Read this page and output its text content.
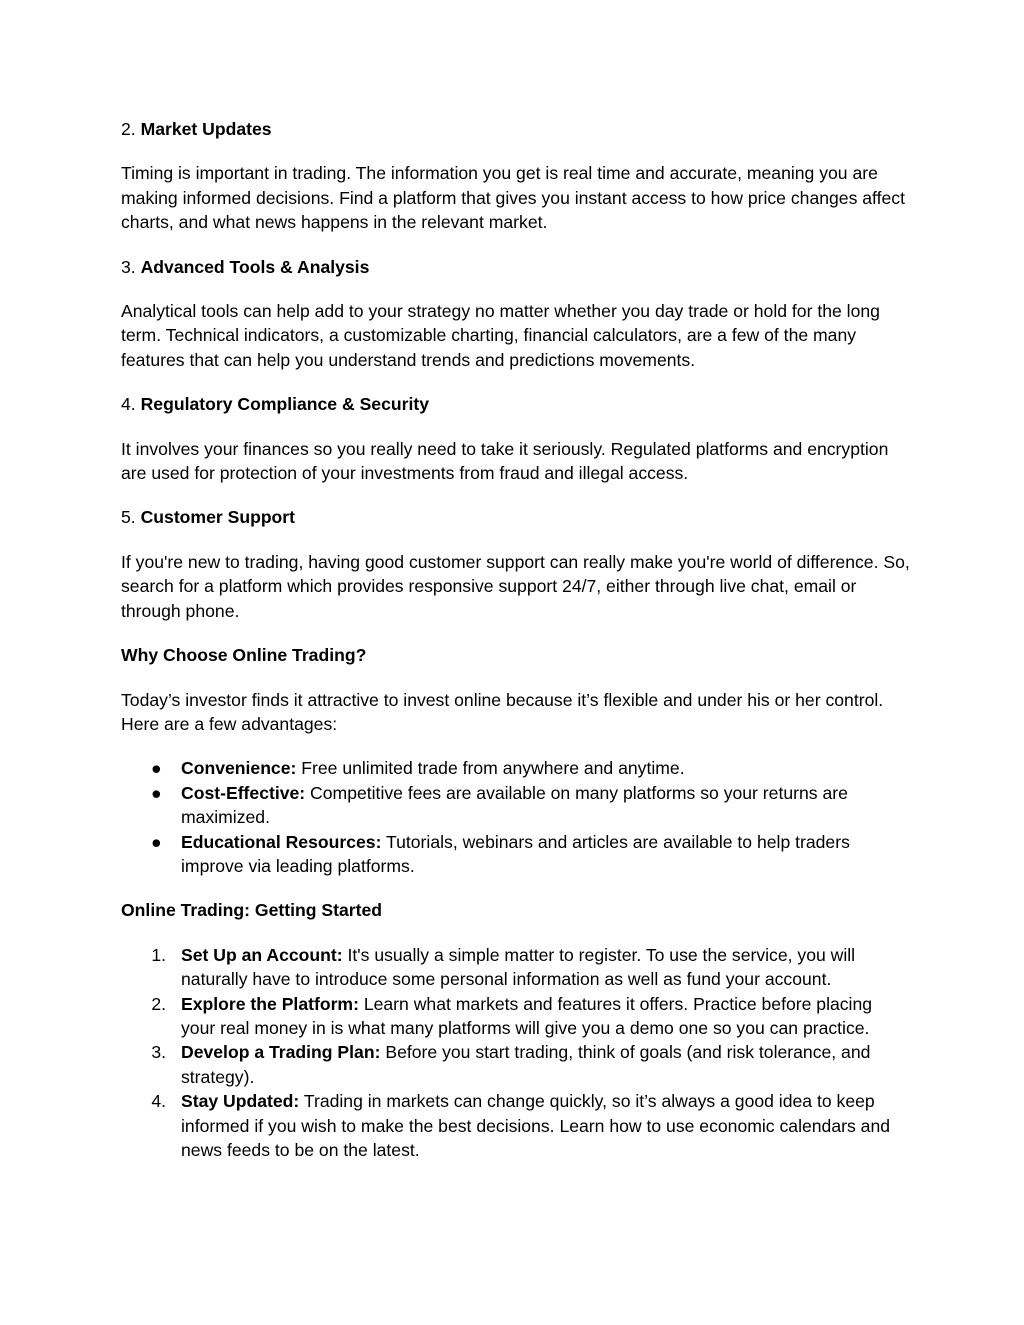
2. Market Updates

Timing is important in trading. The information you get is real time and accurate, meaning you are making informed decisions. Find a platform that gives you instant access to how price changes affect charts, and what news happens in the relevant market.

3. Advanced Tools & Analysis

Analytical tools can help add to your strategy no matter whether you day trade or hold for the long term. Technical indicators, a customizable charting, financial calculators, are a few of the many features that can help you understand trends and predictions movements.

4. Regulatory Compliance & Security

It involves your finances so you really need to take it seriously. Regulated platforms and encryption are used for protection of your investments from fraud and illegal access.

5. Customer Support

If you're new to trading, having good customer support can really make you're world of difference. So, search for a platform which provides responsive support 24/7, either through live chat, email or through phone.

Why Choose Online Trading?

Today’s investor finds it attractive to invest online because it’s flexible and under his or her control. Here are a few advantages:

● Convenience: Free unlimited trade from anywhere and anytime.
● Cost-Effective: Competitive fees are available on many platforms so your returns are maximized.
● Educational Resources: Tutorials, webinars and articles are available to help traders improve via leading platforms.

Online Trading: Getting Started

1. Set Up an Account: It's usually a simple matter to register. To use the service, you will naturally have to introduce some personal information as well as fund your account.
2. Explore the Platform: Learn what markets and features it offers. Practice before placing your real money in is what many platforms will give you a demo one so you can practice.
3. Develop a Trading Plan: Before you start trading, think of goals (and risk tolerance, and strategy).
4. Stay Updated: Trading in markets can change quickly, so it’s always a good idea to keep informed if you wish to make the best decisions. Learn how to use economic calendars and news feeds to be on the latest.
